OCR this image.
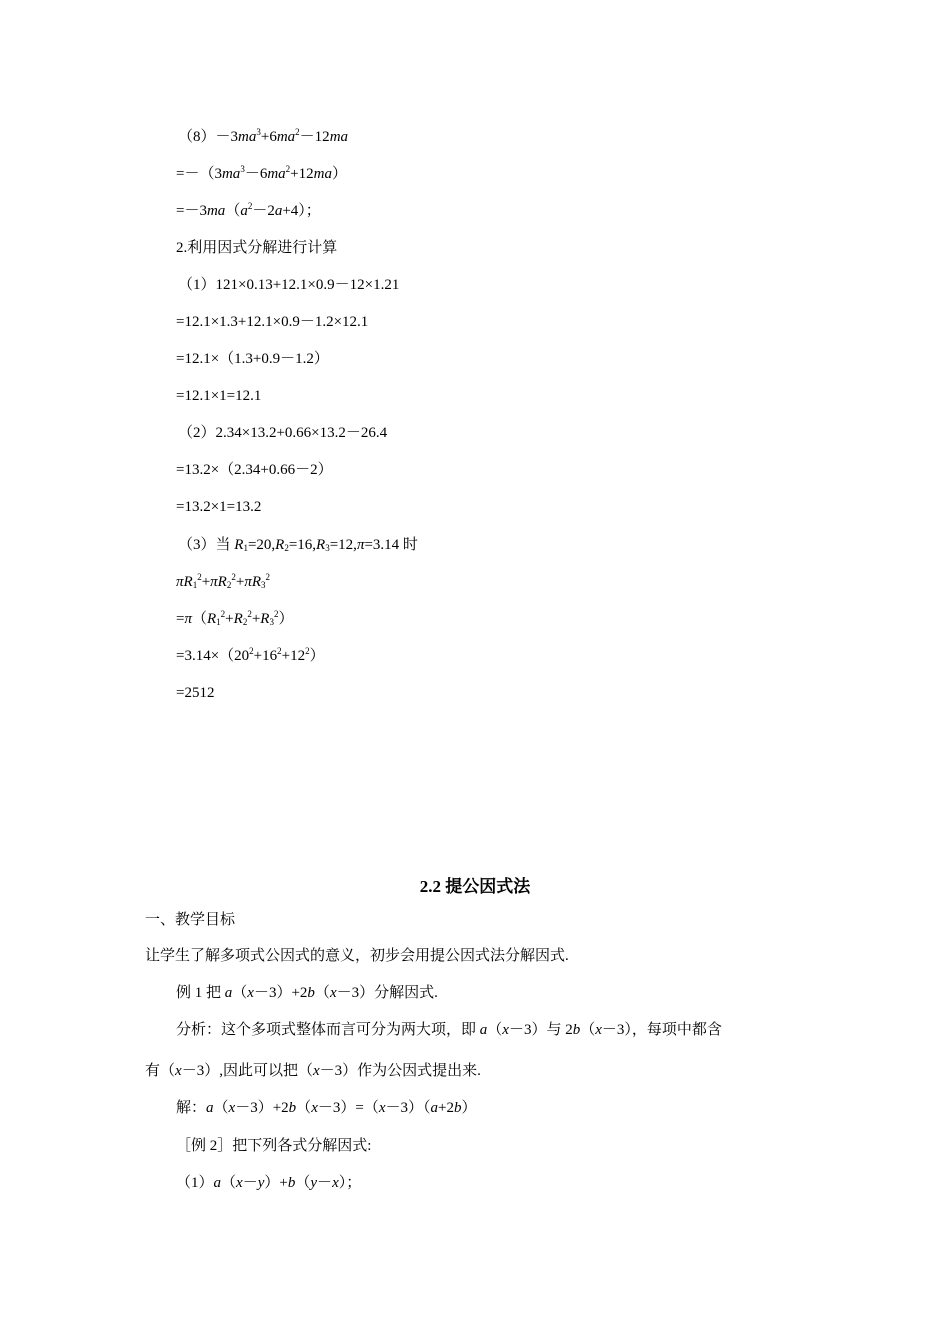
$(8)-3ma^3+6ma^2-12ma$
$=-(3ma^3-6ma^2+12ma)$
$=-3ma(a^2-2a+4)$；
2.利用因式分解进行计算
（1）121×0.13+12.1×0.9－12×1.21
=12.1×1.3+12.1×0.9－1.2×12.1
=12.1×（1.3+0.9－1.2）
=12.1×1=12.1
（2）2.34×13.2+0.66×13.2－26.4
=13.2×（2.34+0.66－2）
=13.2×1=13.2
（3）当 $R_1=20,R_2=16,R_3=12,\pi=3.14$ 时
$\pi R_1^2+\pi R_2^2+\pi R_3^2$
$=\pi(R_1^2+R_2^2+R_3^2)$
$=3.14\times(20^2+16^2+12^2)$
=2512
2.2 提公因式法
一、教学目标
让学生了解多项式公因式的意义，初步会用提公因式法分解因式.
例 1 把 a（x－3）+2b（x－3）分解因式.
分析：这个多项式整体而言可分为两大项，即 a（x－3）与 2b（x－3），每项中都含
有（x－3）,因此可以把（x－3）作为公因式提出来.
解：a（x－3）+2b（x－3）=（x－3）（a+2b）
［例 2］把下列各式分解因式:
（1）a（x－y）+b（y－x）；
